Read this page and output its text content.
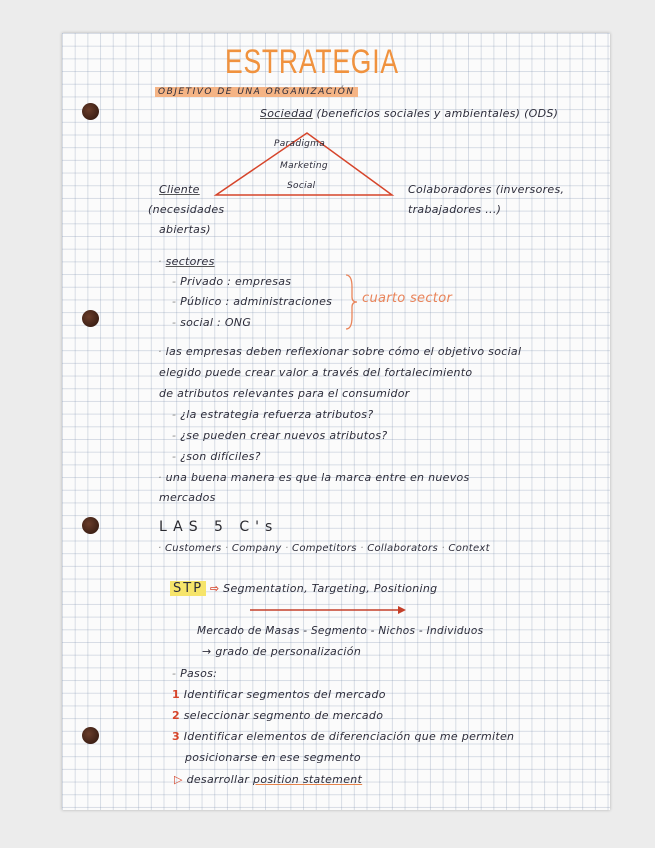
ESTRATEGIA
OBJETIVO DE UNA ORGANIZACIÓN
Sociedad (beneficios sociales y ambientales) (ODS)
Paradigma
Marketing
Social
Cliente
(necesidades
abiertas)
Colaboradores (inversores,
trabajadores ...)
· sectores
- Privado : empresas
- Público : administraciones
- social : ONG
cuarto sector
· las empresas deben reflexionar sobre cómo el objetivo social
elegido puede crear valor a través del fortalecimiento
de atributos relevantes para el consumidor
- ¿la estrategia refuerza atributos?
- ¿se pueden crear nuevos atributos?
- ¿son difíciles?
· una buena manera es que la marca entre en nuevos
mercados
LAS 5 C's
· Customers · Company · Competitors · Collaborators · Context
STP ⇨ Segmentation, Targeting, Positioning
Mercado de Masas - Segmento - Nichos - Individuos
→ grado de personalización
- Pasos:
1 Identificar segmentos del mercado
2 seleccionar segmento de mercado
3 Identificar elementos de diferenciación que me permiten
posicionarse en ese segmento
▷ desarrollar position statement
